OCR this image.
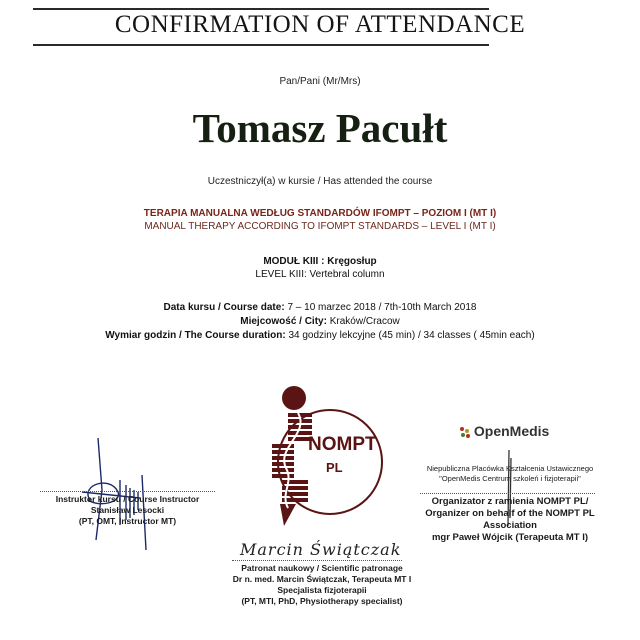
CONFIRMATION OF ATTENDANCE
Pan/Pani (Mr/Mrs)
Tomasz Pacułt
Uczestniczył(a) w kursie / Has attended the course
TERAPIA MANUALNA WEDŁUG STANDARDÓW IFOMPT – POZIOM I (MT I)
MANUAL THERAPY ACCORDING TO IFOMPT STANDARDS – LEVEL I (MT I)
MODUŁ KIII : Kręgosłup
LEVEL KIII: Vertebral column
Data kursu / Course date: 7 – 10 marzec 2018 / 7th-10th March 2018
Miejcowość / City: Kraków/Cracow
Wymiar godzin / The Course duration: 34 godziny lekcyjne (45 min) / 34 classes ( 45min each)
NOMPT
PL
Instruktor kursu / Course Instructor
Stanisław Lesocki
(PT, OMT, Instructor MT)
OpenMedis
Niepubliczna Placówka Kształcenia Ustawicznego
"OpenMedis Centrum szkoleń i fizjoterapii"
Organizator z ramienia NOMPT PL/
Organizer on behalf of the NOMPT PL
Association
mgr Paweł Wójcik (Terapeuta MT I)
Marcin Świątczak
Patronat naukowy / Scientific patronage
Dr n. med. Marcin Świątczak, Terapeuta MT I
Specjalista fizjoterapii
(PT, MTI, PhD, Physiotherapy specialist)
